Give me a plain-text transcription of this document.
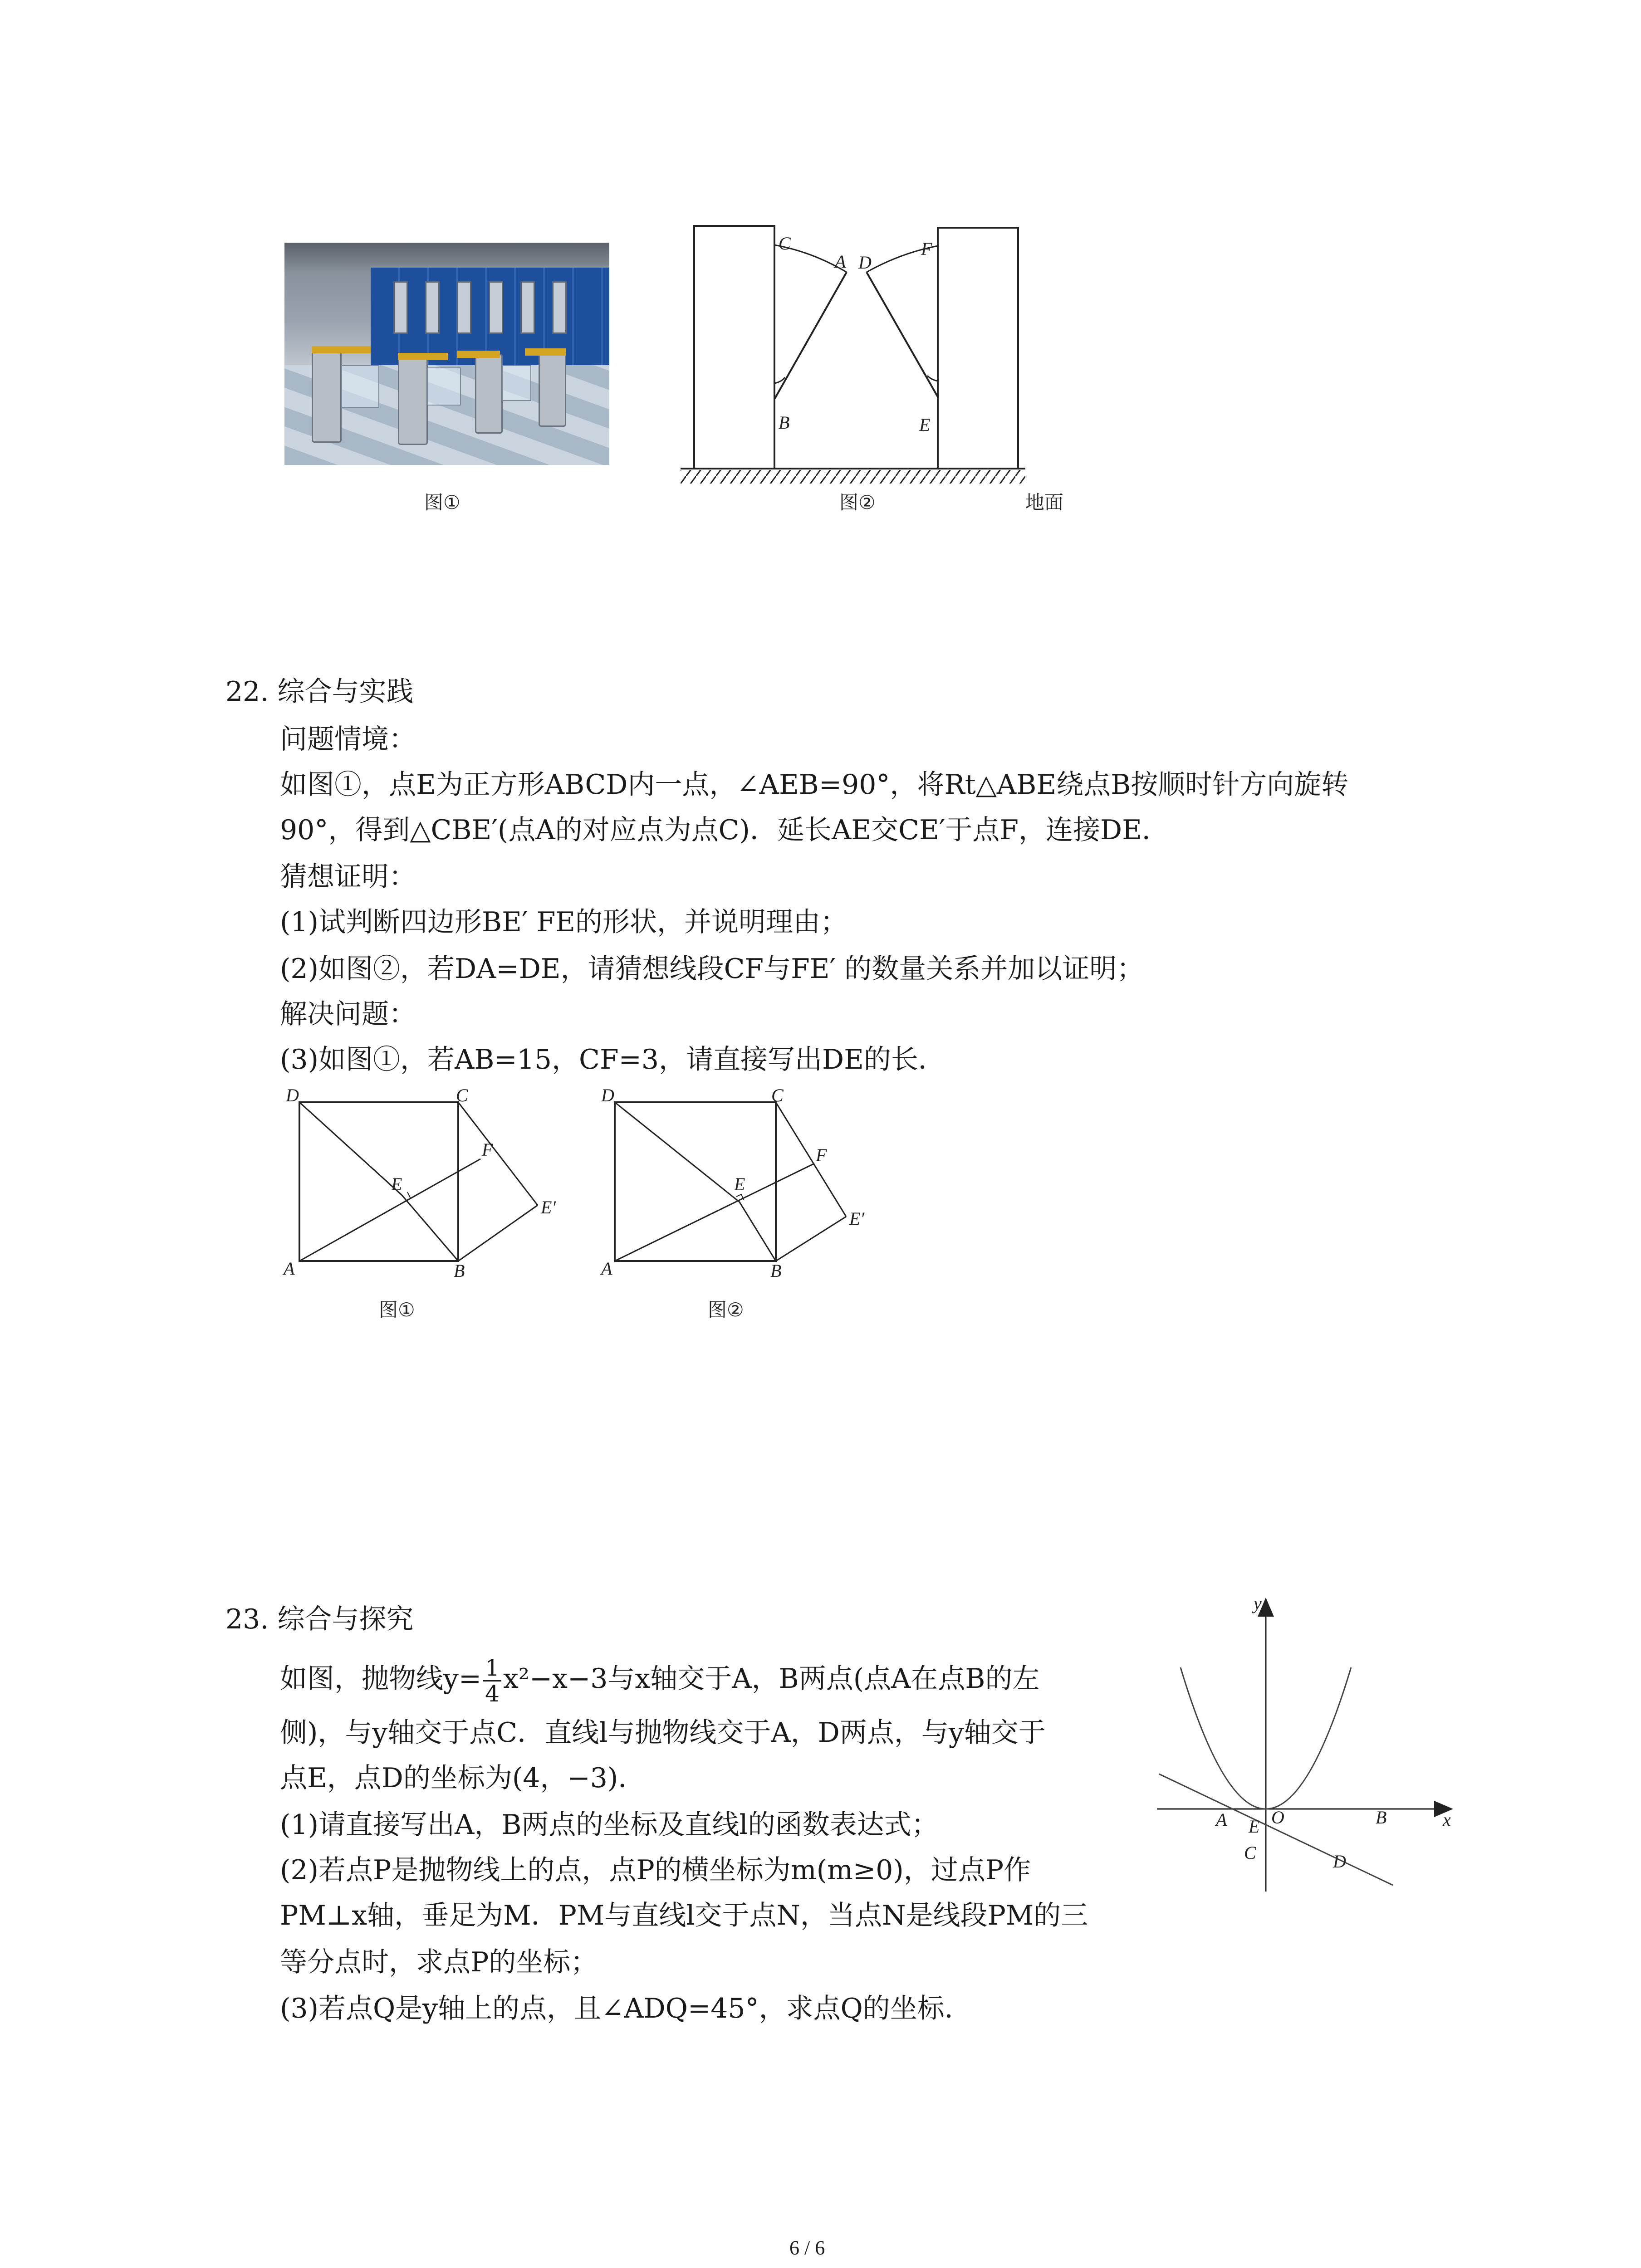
图①
C
A D
F
B	E
图②	地面
22. 综合与实践
问题情境：
如图①，点E为正方形ABCD内一点，∠AEB=90°，将Rt△ABE绕点B按顺时针方向旋转
90°，得到△CBE′(点A的对应点为点C)．延长AE交CE′于点F，连接DE．
猜想证明：
(1)试判断四边形BE′ FE的形状，并说明理由；
(2)如图②，若DA=DE，请猜想线段CF与FE′ 的数量关系并加以证明；
解决问题：
(3)如图①，若AB=15，CF=3，请直接写出DE的长．
D	C
F
E
E′
A	B
图①
D	C
F
E
E′
A	B
图②
23. 综合与探究
如图，抛物线$y= \frac{1}{4} x^2-x-3$与x轴交于A，B两点(点A在点B的左
侧)，与y轴交于点C．直线l与抛物线交于A，D两点，与y轴交于
点E，点D的坐标为(4，−3)．
(1)请直接写出A，B两点的坐标及直线l的函数表达式；
(2)若点P是抛物线上的点，点P的横坐标为m(m≥0)，过点P作
PM⊥x轴，垂足为M．PM与直线l交于点N，当点N是线段PM的三
等分点时，求点P的坐标；
(3)若点Q是y轴上的点，且∠ADQ=45°，求点Q的坐标．
y
x
A O	B
E
C	D
6 / 6
